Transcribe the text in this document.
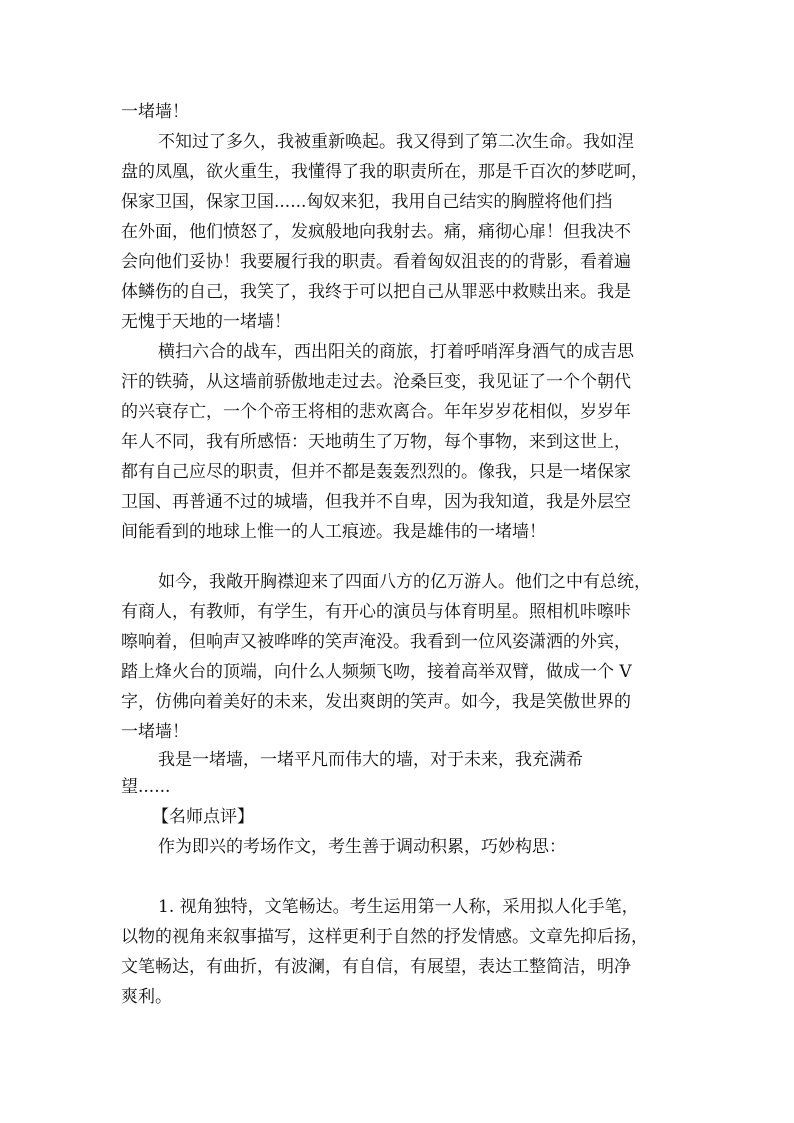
一堵墙！
不知过了多久，我被重新唤起。我又得到了第二次生命。我如涅
盘的凤凰，欲火重生，我懂得了我的职责所在，那是千百次的梦呓呵，
保家卫国，保家卫国......匈奴来犯，我用自己结实的胸膛将他们挡
在外面，他们愤怒了，发疯般地向我射去。痛，痛彻心扉！但我决不
会向他们妥协！我要履行我的职责。看着匈奴沮丧的的背影，看着遍
体鳞伤的自己，我笑了，我终于可以把自己从罪恶中救赎出来。我是
无愧于天地的一堵墙！
横扫六合的战车，西出阳关的商旅，打着呼哨浑身酒气的成吉思
汗的铁骑，从这墙前骄傲地走过去。沧桑巨变，我见证了一个个朝代
的兴衰存亡，一个个帝王将相的悲欢离合。年年岁岁花相似，岁岁年
年人不同，我有所感悟：天地萌生了万物，每个事物，来到这世上，
都有自己应尽的职责，但并不都是轰轰烈烈的。像我，只是一堵保家
卫国、再普通不过的城墙，但我并不自卑，因为我知道，我是外层空
间能看到的地球上惟一的人工痕迹。我是雄伟的一堵墙！
如今，我敞开胸襟迎来了四面八方的亿万游人。他们之中有总统，
有商人，有教师，有学生，有开心的演员与体育明星。照相机咔嚓咔
嚓响着，但响声又被哗哗的笑声淹没。我看到一位风姿潇洒的外宾，
踏上烽火台的顶端，向什么人频频飞吻，接着高举双臂，做成一个 V
字，仿佛向着美好的未来，发出爽朗的笑声。如今，我是笑傲世界的
一堵墙！
我是一堵墙，一堵平凡而伟大的墙，对于未来，我充满希
望......
【名师点评】
作为即兴的考场作文，考生善于调动积累，巧妙构思：
1. 视角独特，文笔畅达。考生运用第一人称，采用拟人化手笔，
以物的视角来叙事描写，这样更利于自然的抒发情感。文章先抑后扬，
文笔畅达，有曲折，有波澜，有自信，有展望，表达工整简洁，明净
爽利。
